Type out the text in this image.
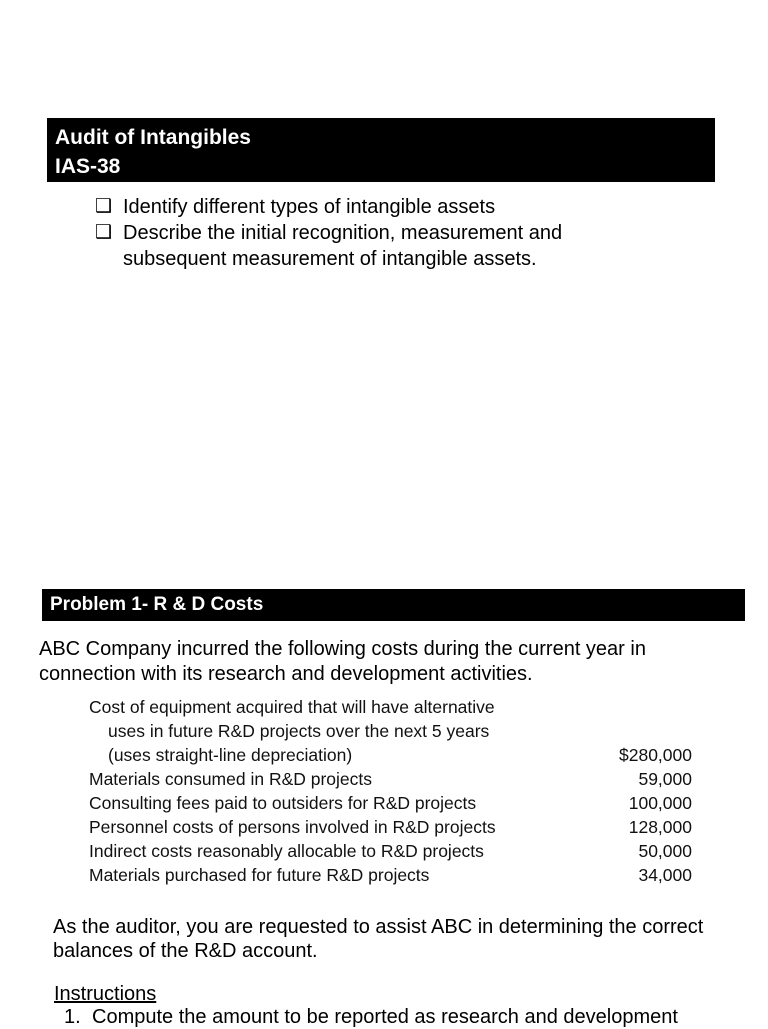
Audit of Intangibles
IAS-38
❑ Identify different types of intangible assets
❑ Describe the initial recognition, measurement and subsequent measurement of intangible assets.
Problem 1- R & D Costs
ABC Company incurred the following costs during the current year in connection with its research and development activities.
Cost of equipment acquired that will have alternative
uses in future R&D projects over the next 5 years
(uses straight-line depreciation)	$280,000
Materials consumed in R&D projects	59,000
Consulting fees paid to outsiders for R&D projects	100,000
Personnel costs of persons involved in R&D projects	128,000
Indirect costs reasonably allocable to R&D projects	50,000
Materials purchased for future R&D projects	34,000
As the auditor, you are requested to assist ABC in determining the correct balances of the R&D account.
Instructions
1. Compute the amount to be reported as research and development
